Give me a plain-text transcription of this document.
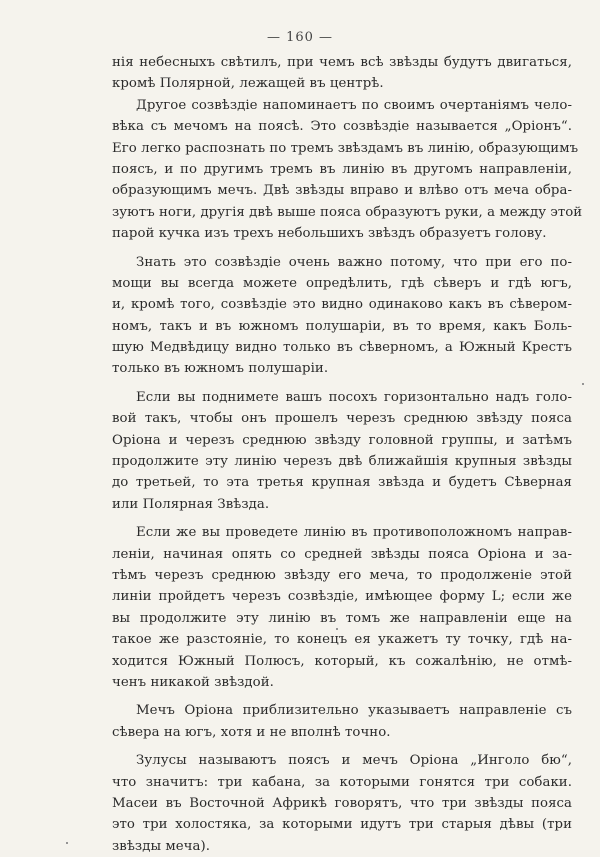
— 160 —
нія небесныхъ свѣтилъ, при чемъ всѣ звѣзды будутъ двигаться,
кромѣ Полярной, лежащей въ центрѣ.
Другое созвѣздіе напоминаетъ по своимъ очертаніямъ чело-
вѣка съ мечомъ на поясѣ. Это созвѣздіе называется „Оріонъ“.
Его легко распознать по тремъ звѣздамъ въ линію, образующимъ
поясъ, и по другимъ тремъ въ линію въ другомъ направленіи,
образующимъ мечъ. Двѣ звѣзды вправо и влѣво отъ меча обра-
зуютъ ноги, другія двѣ выше пояса образуютъ руки, а между этой
парой кучка изъ трехъ небольшихъ звѣздъ образуетъ голову.
Знать это созвѣздіе очень важно потому, что при его по-
мощи вы всегда можете опредѣлить, гдѣ сѣверъ и гдѣ югъ,
и, кромѣ того, созвѣздіе это видно одинаково какъ въ сѣвером-
номъ, такъ и въ южномъ полушаріи, въ то время, какъ Боль-
шую Медвѣдицу видно только въ сѣверномъ, а Южный Крестъ
только въ южномъ полушаріи.
Если вы поднимете вашъ посохъ горизонтально надъ голо-
вой такъ, чтобы онъ прошелъ черезъ среднюю звѣзду пояса
Оріона и черезъ среднюю звѣзду головной группы, и затѣмъ
продолжите эту линію черезъ двѣ ближайшія крупныя звѣзды
до третьей, то эта третья крупная звѣзда и будетъ Сѣверная
или Полярная Звѣзда.
Если же вы проведете линію въ противоположномъ направ-
леніи, начиная опять со средней звѣзды пояса Оріона и за-
тѣмъ черезъ среднюю звѣзду его меча, то продолженіе этой
линіи пройдетъ черезъ созвѣздіе, имѣющее форму L; если же
вы продолжите эту линію въ томъ же направленіи еще на
такое же разстояніе, то конецъ ея укажетъ ту точку, гдѣ на-
ходится Южный Полюсъ, который, къ сожалѣнію, не отмѣ-
ченъ никакой звѣздой.
Мечъ Оріона приблизительно указываетъ направленіе съ
сѣвера на югъ, хотя и не вполнѣ точно.
Зулусы называютъ поясъ и мечъ Оріона „Инголо бю“,
что значитъ: три кабана, за которыми гонятся три собаки.
Масеи въ Восточной Африкѣ говорятъ, что три звѣзды пояса
это три холостяка, за которыми идутъ три старыя дѣвы (три
звѣзды меча).
